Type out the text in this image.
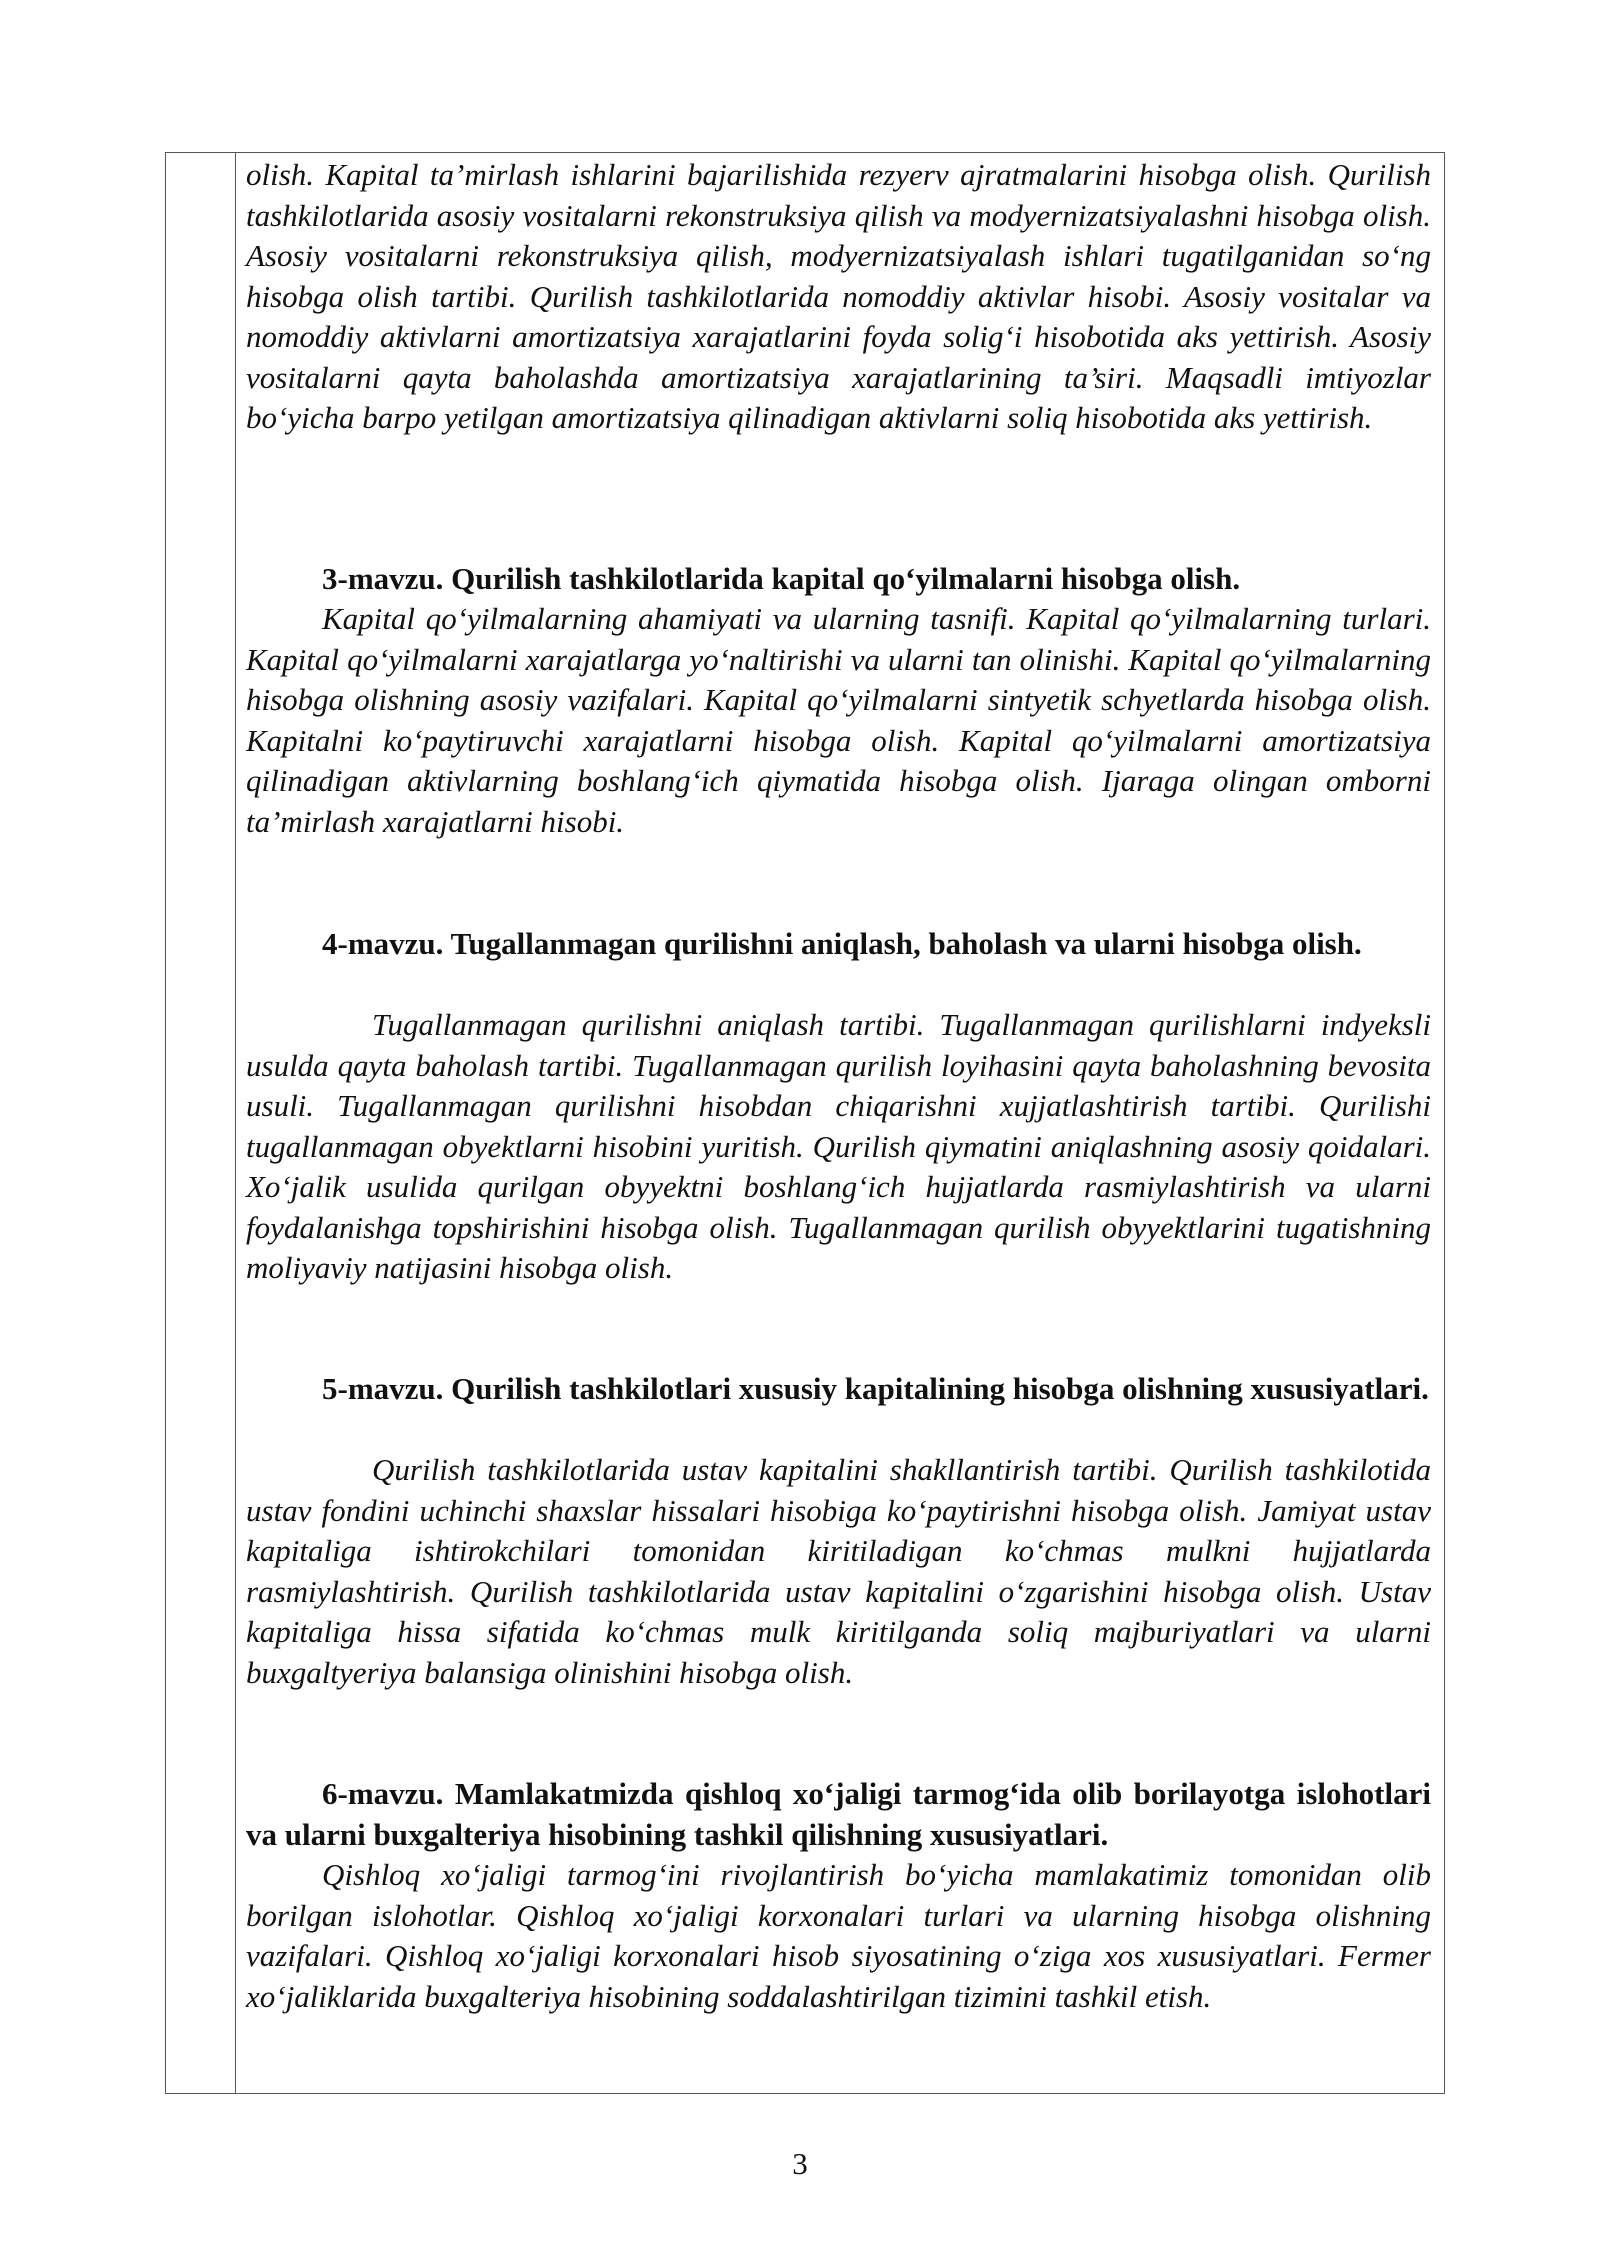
olish. Kapital ta’mirlash ishlarini bajarilishida rezyerv ajratmalarini hisobga olish. Qurilish tashkilotlarida asosiy vositalarni rekonstruksiya qilish va modyernizatsiyalashni hisobga olish. Asosiy vositalarni rekonstruksiya qilish, modyernizatsiyalash ishlari tugatilganidan so‘ng hisobga olish tartibi. Qurilish tashkilotlarida nomoddiy aktivlar hisobi. Asosiy vositalar va nomoddiy aktivlarni amortizatsiya xarajatlarini foyda solig‘i hisobotida aks yettirish. Asosiy vositalarni qayta baholashda amortizatsiya xarajatlarining ta’siri. Maqsadli imtiyozlar bo‘yicha barpo yetilgan amortizatsiya qilinadigan aktivlarni soliq hisobotida aks yettirish.

3-mavzu. Qurilish tashkilotlarida kapital qo‘yilmalarni hisobga olish.

Kapital qo‘yilmalarning ahamiyati va ularning tasnifi. Kapital qo‘yilmalarning turlari. Kapital qo‘yilmalarni xarajatlarga yo‘naltirishi va ularni tan olinishi. Kapital qo‘yilmalarning hisobga olishning asosiy vazifalari. Kapital qo‘yilmalarni sintyetik schyetlarda hisobga olish. Kapitalni ko‘paytiruvchi xarajatlarni hisobga olish. Kapital qo‘yilmalarni amortizatsiya qilinadigan aktivlarning boshlang‘ich qiymatida hisobga olish. Ijaraga olingan omborni ta’mirlash xarajatlarni hisobi.

4-mavzu. Tugallanmagan qurilishni aniqlash, baholash va ularni hisobga olish.

Tugallanmagan qurilishni aniqlash tartibi. Tugallanmagan qurilishlarni indyeksli usulda qayta baholash tartibi. Tugallanmagan qurilish loyihasini qayta baholashning bevosita usuli. Tugallanmagan qurilishni hisobdan chiqarishni xujjatlashtirish tartibi. Qurilishi tugallanmagan obyektlarni hisobini yuritish. Qurilish qiymatini aniqlashning asosiy qoidalari. Xo‘jalik usulida qurilgan obyyektni boshlang‘ich hujjatlarda rasmiylashtirish va ularni foydalanishga topshirishini hisobga olish. Tugallanmagan qurilish obyyektlarini tugatishning moliyaviy natijasini hisobga olish.

5-mavzu. Qurilish tashkilotlari xususiy kapitalining hisobga olishning xususiyatlari.

Qurilish tashkilotlarida ustav kapitalini shakllantirish tartibi. Qurilish tashkilotida ustav fondini uchinchi shaxslar hissalari hisobiga ko‘paytirishni hisobga olish. Jamiyat ustav kapitaliga ishtirokchilari tomonidan kiritiladigan ko‘chmas mulkni hujjatlarda rasmiylashtirish. Qurilish tashkilotlarida ustav kapitalini o‘zgarishini hisobga olish. Ustav kapitaliga hissa sifatida ko‘chmas mulk kiritilganda soliq majburiyatlari va ularni buxgaltyeriya balansiga olinishini hisobga olish.

6-mavzu. Mamlakatmizda qishloq xo‘jaligi tarmog‘ida olib borilayotga islohotlari va ularni buxgalteriya hisobining tashkil qilishning xususiyatlari.

Qishloq xo‘jaligi tarmog‘ini rivojlantirish bo‘yicha mamlakatimiz tomonidan olib borilgan islohotlar. Qishloq xo‘jaligi korxonalari turlari va ularning hisobga olishning vazifalari. Qishloq xo‘jaligi korxonalari hisob siyosatining o‘ziga xos xususiyatlari. Fermer xo‘jaliklarida buxgalteriya hisobining soddalashtirilgan tizimini tashkil etish.

3
